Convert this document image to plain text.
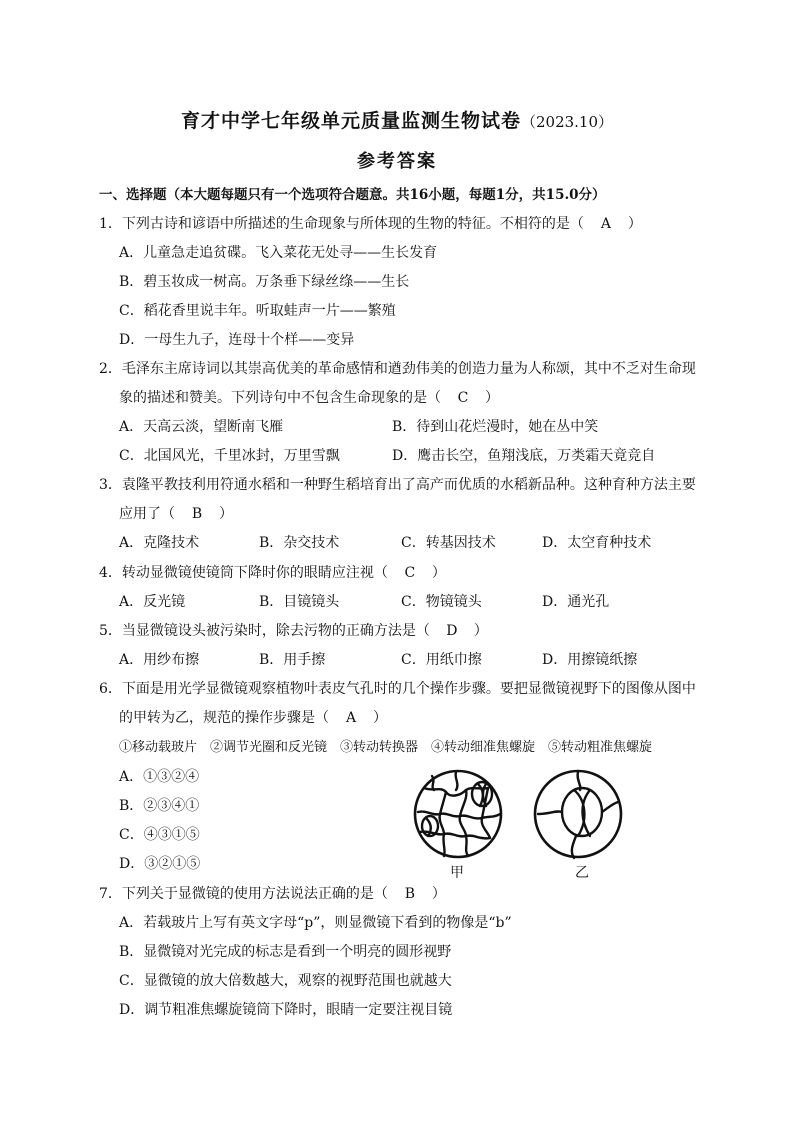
育才中学七年级单元质量监测生物试卷（2023.10）
参考答案
一、选择题（本大题每题只有一个选项符合题意。共16小题，每题1分，共15.0分）
1．下列古诗和谚语中所描述的生命现象与所体现的生物的特征。不相符的是（ A ）
A．儿童急走追贫碟。飞入菜花无处寻——生长发育
B．碧玉妆成一树高。万条垂下绿丝绦——生长
C．稻花香里说丰年。听取蛙声一片——繁殖
D．一母生九子，连母十个样——变异
2．毛泽东主席诗词以其崇高优美的革命感情和遒劲伟美的创造力量为人称颂，其中不乏对生命现
象的描述和赞美。下列诗句中不包含生命现象的是（ C ）
A．天高云淡，望断南飞雁	B．待到山花烂漫时，她在丛中笑
C．北国风光，千里冰封，万里雪飘	D．鹰击长空，鱼翔浅底，万类霜天竟竞自
3．袁隆平教技利用符通水稻和一种野生稻培育出了高产而优质的水稻新品种。这种育种方法主要
应用了（ B ）
A．克隆技术	B．杂交技术	C．转基因技术	D．太空育种技术
4．转动显微镜使镜筒下降时你的眼睛应注视（ C ）
A．反光镜	B．目镜镜头	C．物镜镜头	D．通光孔
5．当显微镜设头被污染时，除去污物的正确方法是（ D ）
A．用纱布擦	B．用手擦	C．用纸巾擦	D．用擦镜纸擦
6．下面是用光学显微镜观察植物叶表皮气孔时的几个操作步骤。要把显微镜视野下的图像从图中
的甲转为乙，规范的操作步骤是（ A ）
①移动载玻片　②调节光圈和反光镜　③转动转换器　④转动细准焦螺旋　⑤转动粗准焦螺旋
A．①③②④
B．②③④①
C．④③①⑤
D．③②①⑤
甲	乙
7．下列关于显微镜的使用方法说法正确的是（ B ）
A．若载玻片上写有英文字母“p”，则显微镜下看到的物像是“b”
B．显微镜对光完成的标志是看到一个明亮的圆形视野
C．显微镜的放大倍数越大，观察的视野范围也就越大
D．调节粗准焦螺旋镜筒下降时，眼睛一定要注视目镜
